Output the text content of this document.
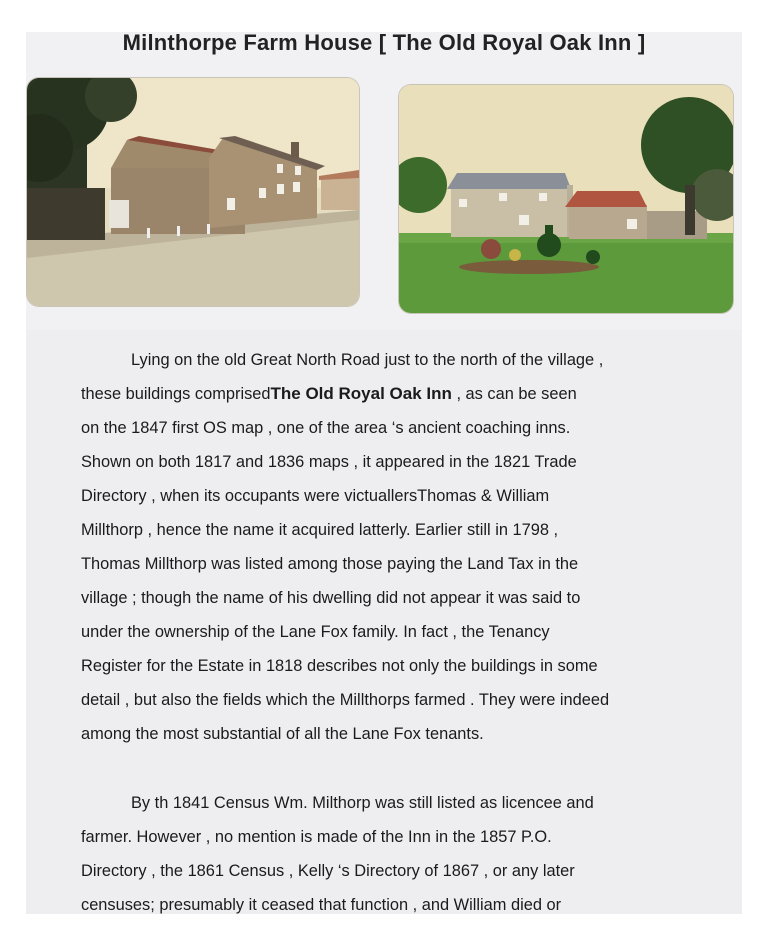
Milnthorpe Farm House [ The Old Royal Oak Inn ]
Lying on the old Great North Road just to the north of the village ,
these buildings comprisedThe Old Royal Oak Inn , as can be seen
on the 1847 first OS map , one of the area ‘s ancient coaching inns.
Shown on both 1817 and 1836 maps , it appeared in the 1821 Trade
Directory , when its occupants were victuallersThomas & William
Millthorp , hence the name it acquired latterly. Earlier still in 1798 ,
Thomas Millthorp was listed among those paying the Land Tax in the
village ; though the name of his dwelling did not appear it was said to
under the ownership of the Lane Fox family. In fact , the Tenancy
Register for the Estate in 1818 describes not only the buildings in some
detail , but also the fields which the Millthorps farmed . They were indeed
among the most substantial of all the Lane Fox tenants.
By th 1841 Census Wm. Milthorp was still listed as licencee and
farmer. However , no mention is made of the Inn in the 1857 P.O.
Directory , the 1861 Census , Kelly ‘s Directory of 1867 , or any later
censuses; presumably it ceased that function , and William died or
